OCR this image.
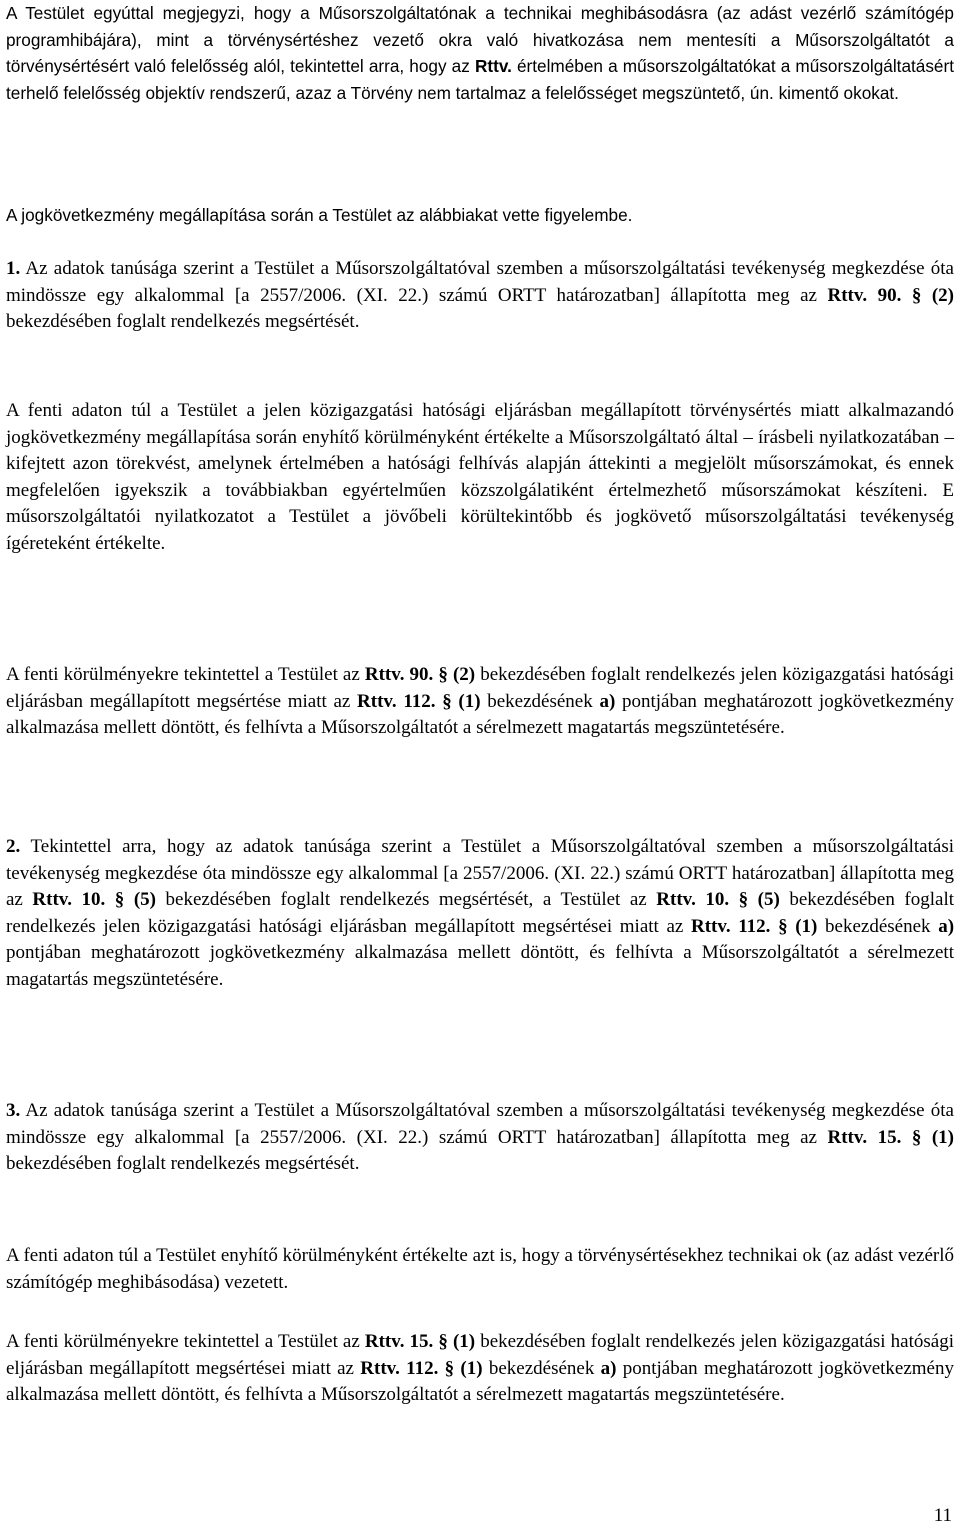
A Testület egyúttal megjegyzi, hogy a Műsorszolgáltatónak a technikai meghibásodásra (az adást vezérlő számítógép programhibájára), mint a törvénysértéshez vezető okra való hivatkozása nem mentesíti a Műsorszolgáltatót a törvénysértésért való felelősség alól, tekintettel arra, hogy az Rttv. értelmében a műsorszolgáltatókat a műsorszolgáltatásért terhelő felelősség objektív rendszerű, azaz a Törvény nem tartalmaz a felelősséget megszüntető, ún. kimentő okokat.

A jogkövetkezmény megállapítása során a Testület az alábbiakat vette figyelembe.

1. Az adatok tanúsága szerint a Testület a Műsorszolgáltatóval szemben a műsorszolgáltatási tevékenység megkezdése óta mindössze egy alkalommal [a 2557/2006. (XI. 22.) számú ORTT határozatban] állapította meg az Rttv. 90. § (2) bekezdésében foglalt rendelkezés megsértését.

A fenti adaton túl a Testület a jelen közigazgatási hatósági eljárásban megállapított törvénysértés miatt alkalmazandó jogkövetkezmény megállapítása során enyhítő körülményként értékelte a Műsorszolgáltató által – írásbeli nyilatkozatában – kifejtett azon törekvést, amelynek értelmében a hatósági felhívás alapján áttekinti a megjelölt műsorszámokat, és ennek megfelelően igyekszik a továbbiakban egyértelműen közszolgálatiként értelmezhető műsorszámokat készíteni. E műsorszolgáltatói nyilatkozatot a Testület a jövőbeli körültekintőbb és jogkövető műsorszolgáltatási tevékenység ígéreteként értékelte.

A fenti körülményekre tekintettel a Testület az Rttv. 90. § (2) bekezdésében foglalt rendelkezés jelen közigazgatási hatósági eljárásban megállapított megsértése miatt az Rttv. 112. § (1) bekezdésének a) pontjában meghatározott jogkövetkezmény alkalmazása mellett döntött, és felhívta a Műsorszolgáltatót a sérelmezett magatartás megszüntetésére.

2. Tekintettel arra, hogy az adatok tanúsága szerint a Testület a Műsorszolgáltatóval szemben a műsorszolgáltatási tevékenység megkezdése óta mindössze egy alkalommal [a 2557/2006. (XI. 22.) számú ORTT határozatban] állapította meg az Rttv. 10. § (5) bekezdésében foglalt rendelkezés megsértését, a Testület az Rttv. 10. § (5) bekezdésében foglalt rendelkezés jelen közigazgatási hatósági eljárásban megállapított megsértései miatt az Rttv. 112. § (1) bekezdésének a) pontjában meghatározott jogkövetkezmény alkalmazása mellett döntött, és felhívta a Műsorszolgáltatót a sérelmezett magatartás megszüntetésére.

3. Az adatok tanúsága szerint a Testület a Műsorszolgáltatóval szemben a műsorszolgáltatási tevékenység megkezdése óta mindössze egy alkalommal [a 2557/2006. (XI. 22.) számú ORTT határozatban] állapította meg az Rttv. 15. § (1) bekezdésében foglalt rendelkezés megsértését.

A fenti adaton túl a Testület enyhítő körülményként értékelte azt is, hogy a törvénysértésekhez technikai ok (az adást vezérlő számítógép meghibásodása) vezetett.

A fenti körülményekre tekintettel a Testület az Rttv. 15. § (1) bekezdésében foglalt rendelkezés jelen közigazgatási hatósági eljárásban megállapított megsértései miatt az Rttv. 112. § (1) bekezdésének a) pontjában meghatározott jogkövetkezmény alkalmazása mellett döntött, és felhívta a Műsorszolgáltatót a sérelmezett magatartás megszüntetésére.

11
